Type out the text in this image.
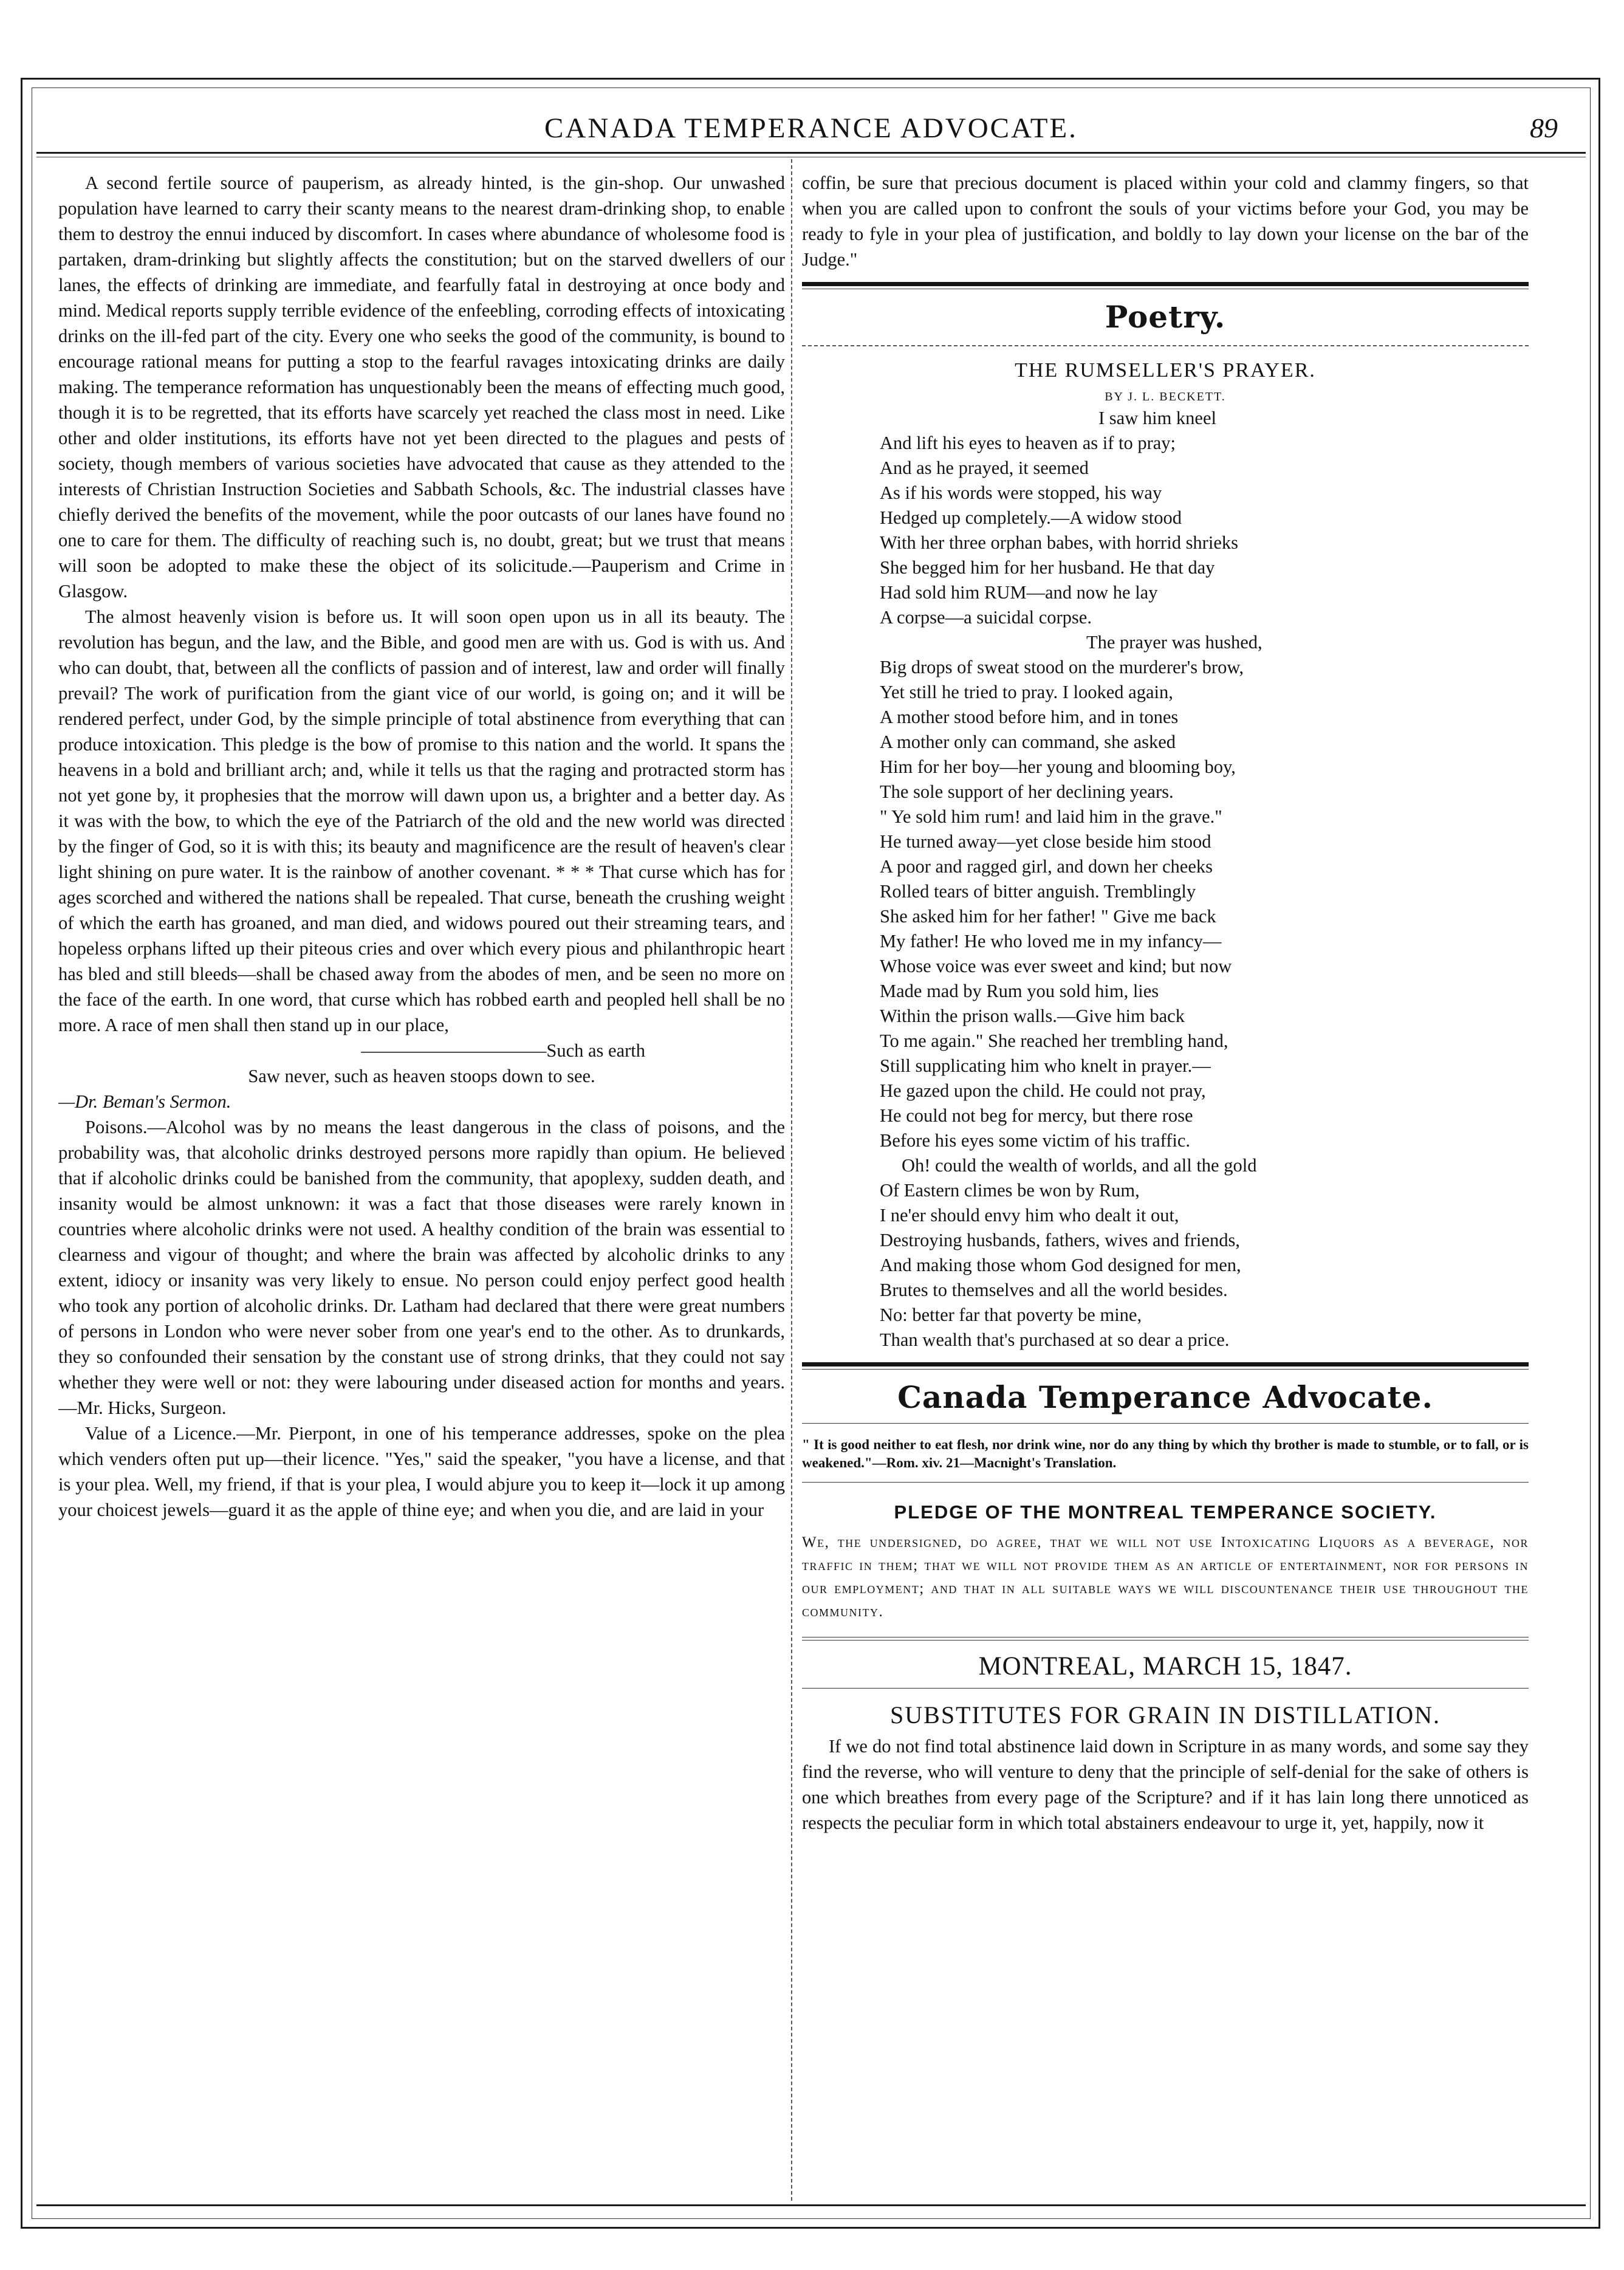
CANADA TEMPERANCE ADVOCATE.	89

A second fertile source of pauperism, as already hinted, is the gin-shop. Our unwashed population have learned to carry their scanty means to the nearest dram-drinking shop, to enable them to destroy the ennui induced by discomfort. In cases where abundance of wholesome food is partaken, dram-drinking but slightly affects the constitution; but on the starved dwellers of our lanes, the effects of drinking are immediate, and fearfully fatal in destroying at once body and mind. Medical reports supply terrible evidence of the enfeebling, corroding effects of intoxicating drinks on the ill-fed part of the city. Every one who seeks the good of the community, is bound to encourage rational means for putting a stop to the fearful ravages intoxicating drinks are daily making. The temperance reformation has unquestionably been the means of effecting much good, though it is to be regretted, that its efforts have scarcely yet reached the class most in need. Like other and older institutions, its efforts have not yet been directed to the plagues and pests of society, though members of various societies have advocated that cause as they attended to the interests of Christian Instruction Societies and Sabbath Schools, &c. The industrial classes have chiefly derived the benefits of the movement, while the poor outcasts of our lanes have found no one to care for them. The difficulty of reaching such is, no doubt, great; but we trust that means will soon be adopted to make these the object of its solicitude.—Pauperism and Crime in Glasgow.

The almost heavenly vision is before us. It will soon open upon us in all its beauty. The revolution has begun, and the law, and the Bible, and good men are with us. God is with us. And who can doubt, that, between all the conflicts of passion and of interest, law and order will finally prevail? The work of purification from the giant vice of our world, is going on; and it will be rendered perfect, under God, by the simple principle of total abstinence from everything that can produce intoxication. This pledge is the bow of promise to this nation and the world. It spans the heavens in a bold and brilliant arch; and, while it tells us that the raging and protracted storm has not yet gone by, it prophesies that the morrow will dawn upon us, a brighter and a better day. As it was with the bow, to which the eye of the Patriarch of the old and the new world was directed by the finger of God, so it is with this; its beauty and magnificence are the result of heaven's clear light shining on pure water. It is the rainbow of another covenant. * * * That curse which has for ages scorched and withered the nations shall be repealed. That curse, beneath the crushing weight of which the earth has groaned, and man died, and widows poured out their streaming tears, and hopeless orphans lifted up their piteous cries and over which every pious and philanthropic heart has bled and still bleeds—shall be chased away from the abodes of men, and be seen no more on the face of the earth. In one word, that curse which has robbed earth and peopled hell shall be no more. A race of men shall then stand up in our place,

——————————Such as earth

Saw never, such as heaven stoops down to see.

—Dr. Beman's Sermon.

Poisons.—Alcohol was by no means the least dangerous in the class of poisons, and the probability was, that alcoholic drinks destroyed persons more rapidly than opium. He believed that if alcoholic drinks could be banished from the community, that apoplexy, sudden death, and insanity would be almost unknown: it was a fact that those diseases were rarely known in countries where alcoholic drinks were not used. A healthy condition of the brain was essential to clearness and vigour of thought; and where the brain was affected by alcoholic drinks to any extent, idiocy or insanity was very likely to ensue. No person could enjoy perfect good health who took any portion of alcoholic drinks. Dr. Latham had declared that there were great numbers of persons in London who were never sober from one year's end to the other. As to drunkards, they so confounded their sensation by the constant use of strong drinks, that they could not say whether they were well or not: they were labouring under diseased action for months and years.—Mr. Hicks, Surgeon.

Value of a Licence.—Mr. Pierpont, in one of his temperance addresses, spoke on the plea which venders often put up—their licence. "Yes," said the speaker, "you have a license, and that is your plea. Well, my friend, if that is your plea, I would abjure you to keep it—lock it up among your choicest jewels—guard it as the apple of thine eye; and when you die, and are laid in your

coffin, be sure that precious document is placed within your cold and clammy fingers, so that when you are called upon to confront the souls of your victims before your God, you may be ready to fyle in your plea of justification, and boldly to lay down your license on the bar of the Judge."

Poetry.
THE RUMSELLER'S PRAYER.
BY J. L. BECKETT.
I saw him kneel
And lift his eyes to heaven as if to pray;
And as he prayed, it seemed
As if his words were stopped, his way
Hedged up completely.—A widow stood
With her three orphan babes, with horrid shrieks
She begged him for her husband. He that day
Had sold him RUM—and now he lay
A corpse—a suicidal corpse.
The prayer was hushed,
Big drops of sweat stood on the murderer's brow,
Yet still he tried to pray. I looked again,
A mother stood before him, and in tones
A mother only can command, she asked
Him for her boy—her young and blooming boy,
The sole support of her declining years.
" Ye sold him rum! and laid him in the grave."
He turned away—yet close beside him stood
A poor and ragged girl, and down her cheeks
Rolled tears of bitter anguish. Tremblingly
She asked him for her father! " Give me back
My father! He who loved me in my infancy—
Whose voice was ever sweet and kind; but now
Made mad by Rum you sold him, lies
Within the prison walls.—Give him back
To me again." She reached her trembling hand,
Still supplicating him who knelt in prayer.—
He gazed upon the child. He could not pray,
He could not beg for mercy, but there rose
Before his eyes some victim of his traffic.
Oh! could the wealth of worlds, and all the gold
Of Eastern climes be won by Rum,
I ne'er should envy him who dealt it out,
Destroying husbands, fathers, wives and friends,
And making those whom God designed for men,
Brutes to themselves and all the world besides.
No: better far that poverty be mine,
Than wealth that's purchased at so dear a price.
Canada Temperance Advocate.
" It is good neither to eat flesh, nor drink wine, nor do any thing by which thy brother is made to stumble, or to fall, or is weakened."—Rom. xiv. 21—Macnight's Translation.
PLEDGE OF THE MONTREAL TEMPERANCE SOCIETY.
We, the undersigned, do agree, that we will not use Intoxicating Liquors as a beverage, nor traffic in them; that we will not provide them as an article of entertainment, nor for persons in our employment; and that in all suitable ways we will discountenance their use throughout the community.
MONTREAL, MARCH 15, 1847.
SUBSTITUTES FOR GRAIN IN DISTILLATION.

If we do not find total abstinence laid down in Scripture in as many words, and some say they find the reverse, who will venture to deny that the principle of self-denial for the sake of others is one which breathes from every page of the Scripture? and if it has lain long there unnoticed as respects the peculiar form in which total abstainers endeavour to urge it, yet, happily, now it
